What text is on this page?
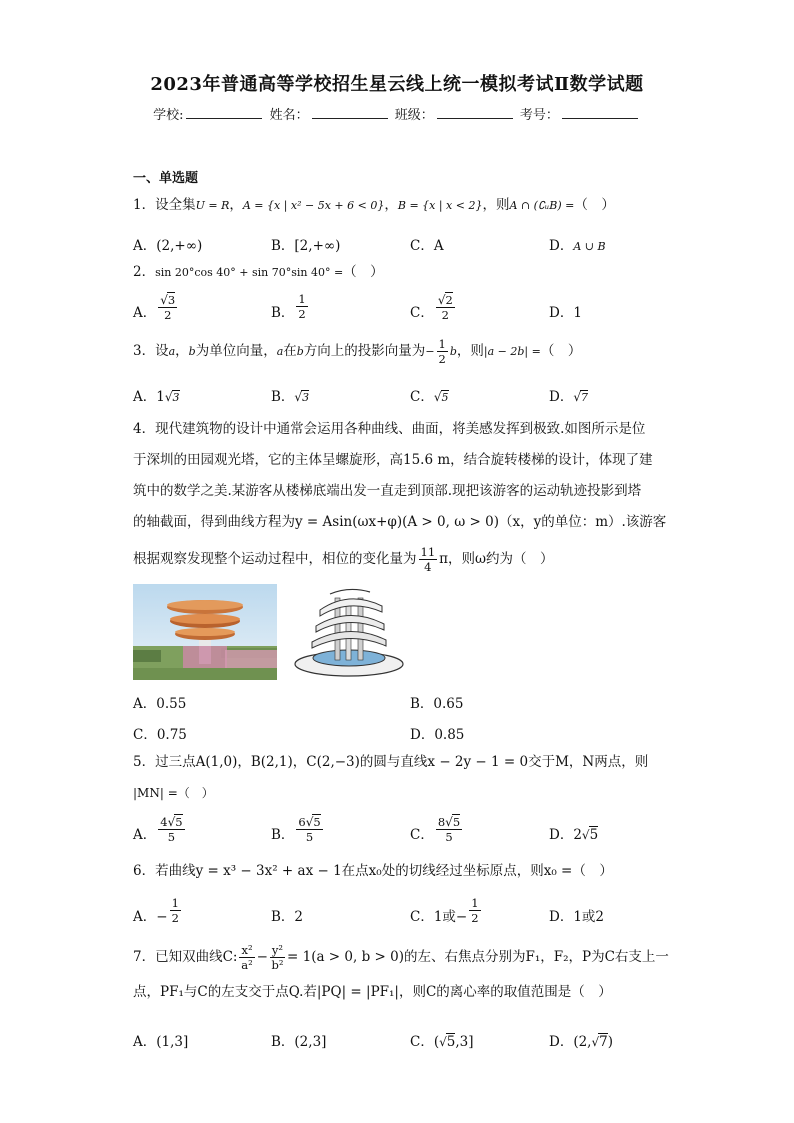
2023年普通高等学校招生星云线上统一模拟考试Ⅱ数学试题
学校:	姓名：	班级：	考号：
一、单选题
1．设全集U = R，A = {x | x² − 5x + 6 < 0}，B = {x | x < 2}，则A ∩ (∁ᵤB) =（　）
A．(2,+∞)	B．[2,+∞)	C．A	D．A ∪ B
2．sin 20°cos 40° + sin 70°sin 40° =（　）
A． $\frac{√3}{2}$	B． $\frac{1}{2}$	C． $\frac{√2}{2}$	D．1
3．设a，b为单位向量，a在b方向上的投影向量为− $\frac{1}{2}$ b，则|a − 2b| =（　）
A．1√3	B．√3	C．√5	D．√7
4．现代建筑物的设计中通常会运用各种曲线、曲面，将美感发挥到极致.如图所示是位
于深圳的田园观光塔，它的主体呈螺旋形，高15.6 m，结合旋转楼梯的设计，体现了建
筑中的数学之美.某游客从楼梯底端出发一直走到顶部.现把该游客的运动轨迹投影到塔
的轴截面，得到曲线方程为y = Asin(ωx+φ)(A > 0, ω > 0)（x，y的单位：m）.该游客
根据观察发现整个运动过程中，相位的变化量为 $\frac{11}{4}$ π，则ω约为（　）
A．0.55	B．0.65
C．0.75	D．0.85
5．过三点A(1,0)，B(2,1)，C(2,−3)的圆与直线x − 2y − 1 = 0交于M，N两点，则
|MN| =（　）
A． $\frac{4√5}{5}$	B． $\frac{6√5}{5}$	C． $\frac{8√5}{5}$	D．2√5
6．若曲线y = x³ − 3x² + ax − 1在点x₀处的切线经过坐标原点，则x₀ =（　）
A．− $\frac{1}{2}$	B．2	C．1或− $\frac{1}{2}$	D．1或2
7．已知双曲线C: $\frac{\text{x²}}{\text{a²}} - \frac{\text{y²}}{\text{b²}} = 1(a > 0$, b > 0)的左、右焦点分别为F₁，F₂，P为C右支上一
点，PF₁与C的左支交于点Q.若|PQ| = |PF₁|，则C的离心率的取值范围是（　）
A．(1,3]	B．(2,3]	C．(√5,3]	D．(2,√7)
